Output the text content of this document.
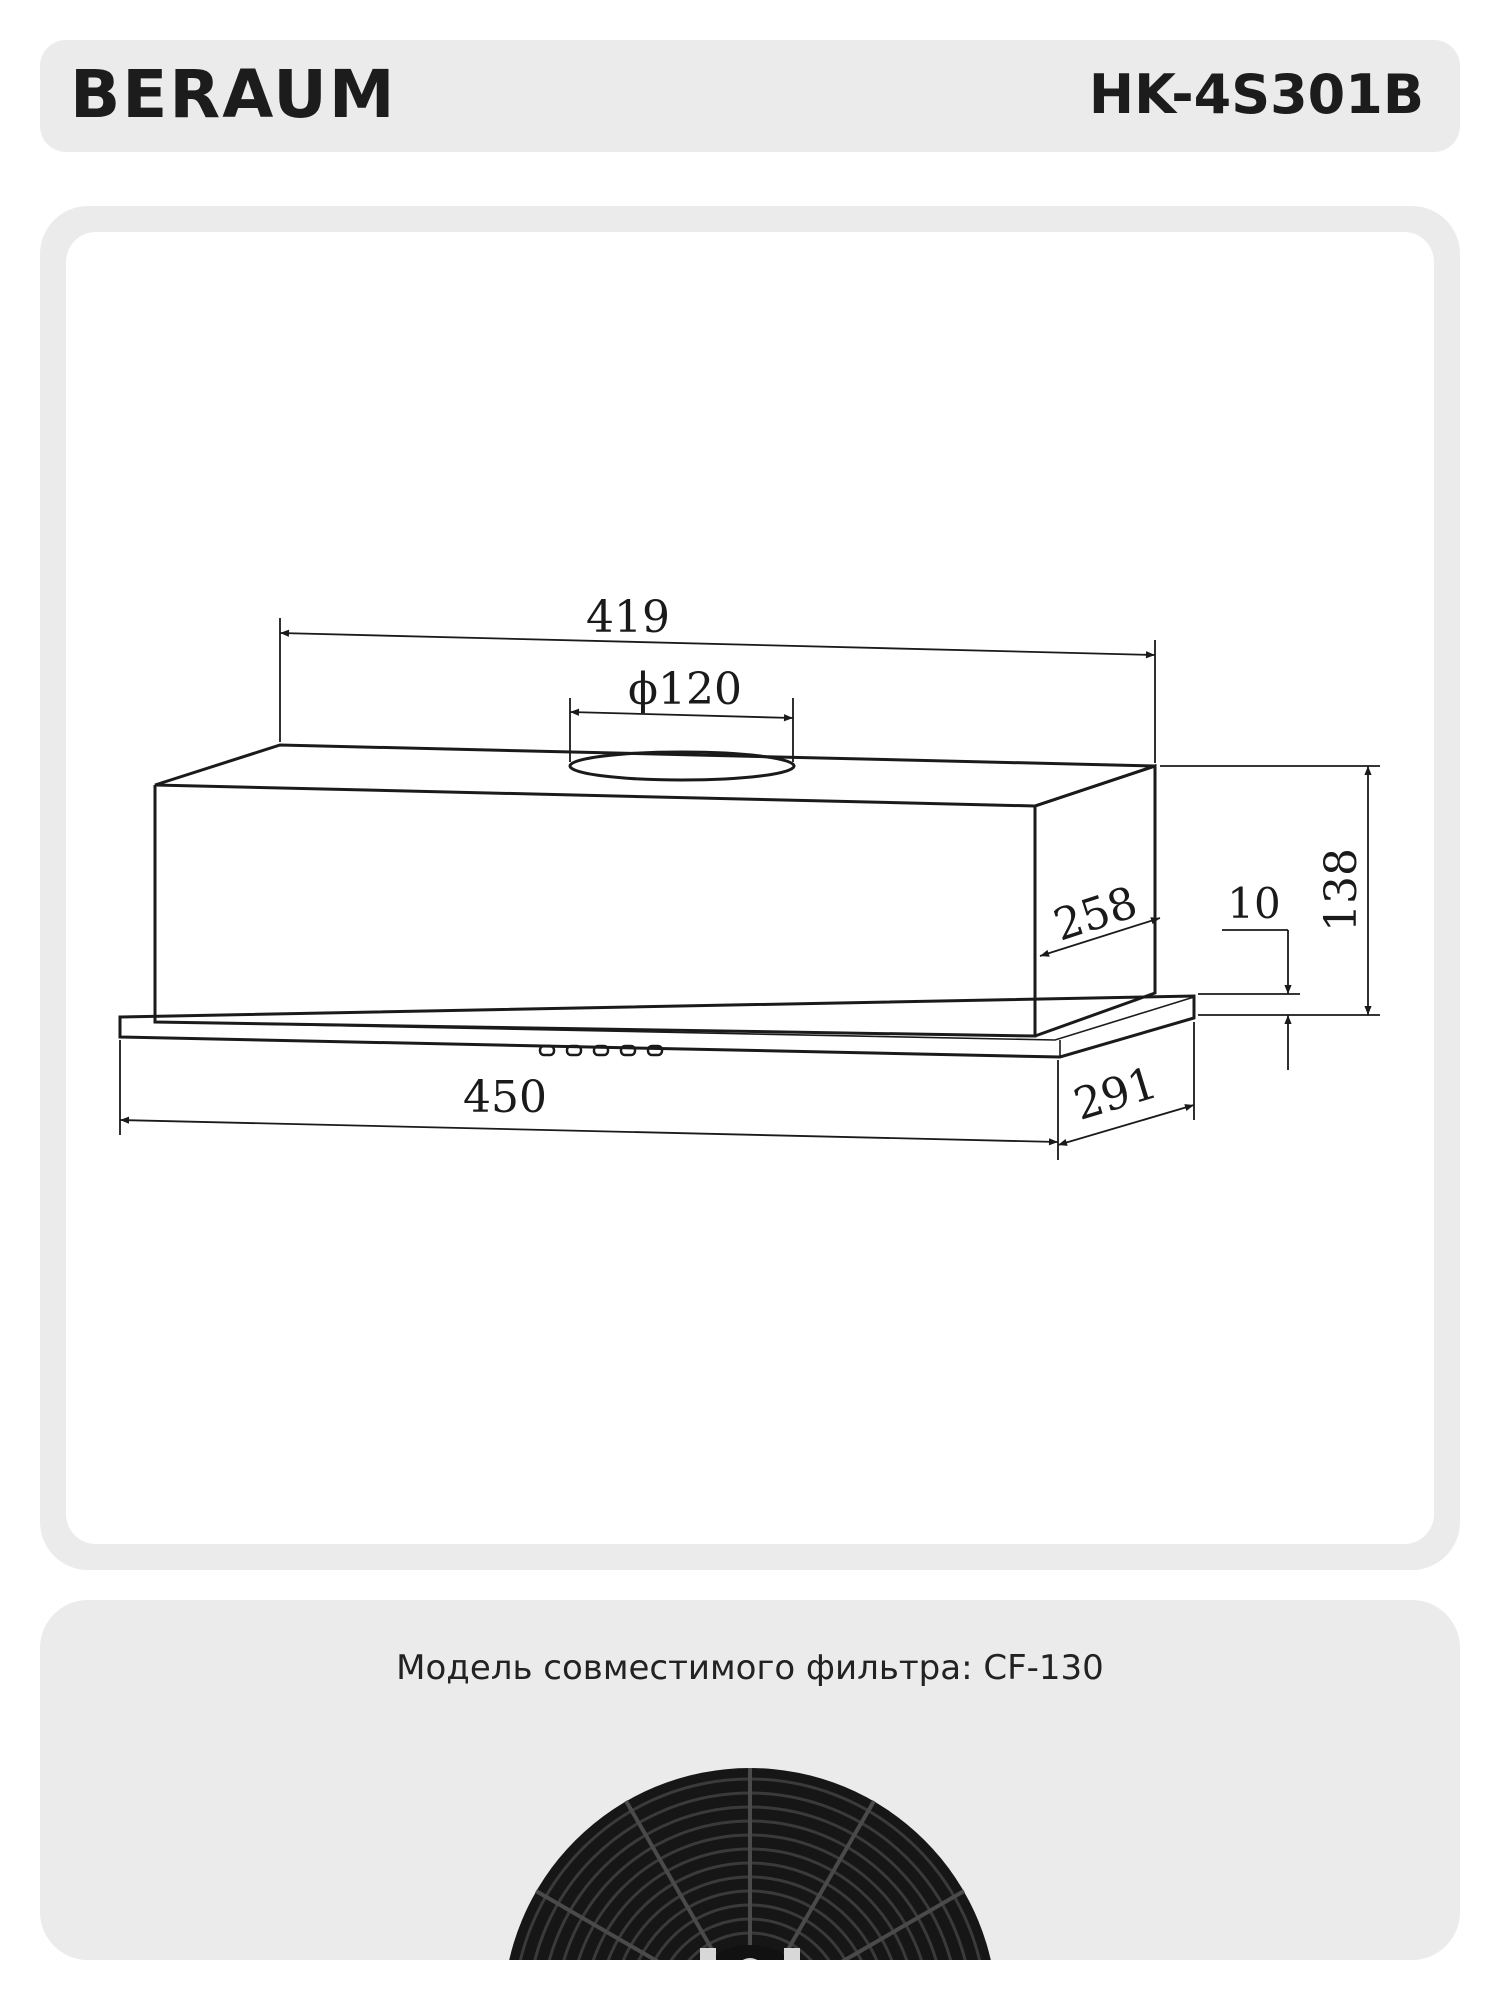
BERAUM	HK-4S301B
419
ϕ120
138
258 10
450	291
Модель совместимого фильтра: CF-130
